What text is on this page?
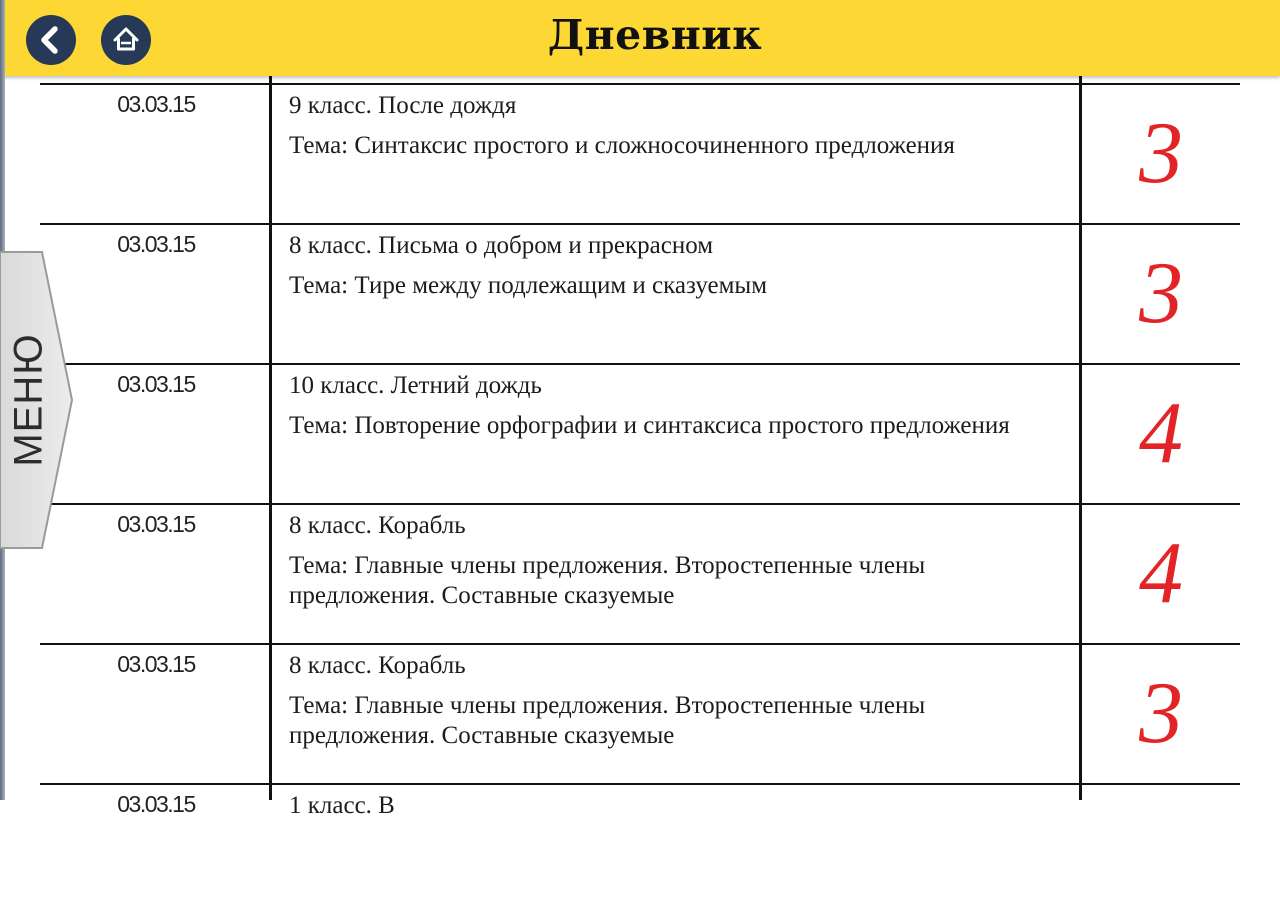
Дневник
03.03.15	9 класс. После дождя
Тема: Синтаксис простого и сложносочиненного предложения	3
03.03.15	8 класс. Письма о добром и прекрасном
Тема: Тире между подлежащим и сказуемым	3
03.03.15	10 класс. Летний дождь
Тема: Повторение орфографии и синтаксиса простого предложения	4
03.03.15	8 класс. Корабль
Тема: Главные члены предложения. Второстепенные члены предложения. Составные сказуемые	4
03.03.15	8 класс. Корабль
Тема: Главные члены предложения. Второстепенные члены предложения. Составные сказуемые	3
03.03.15	1 класс. В
МЕНЮ
